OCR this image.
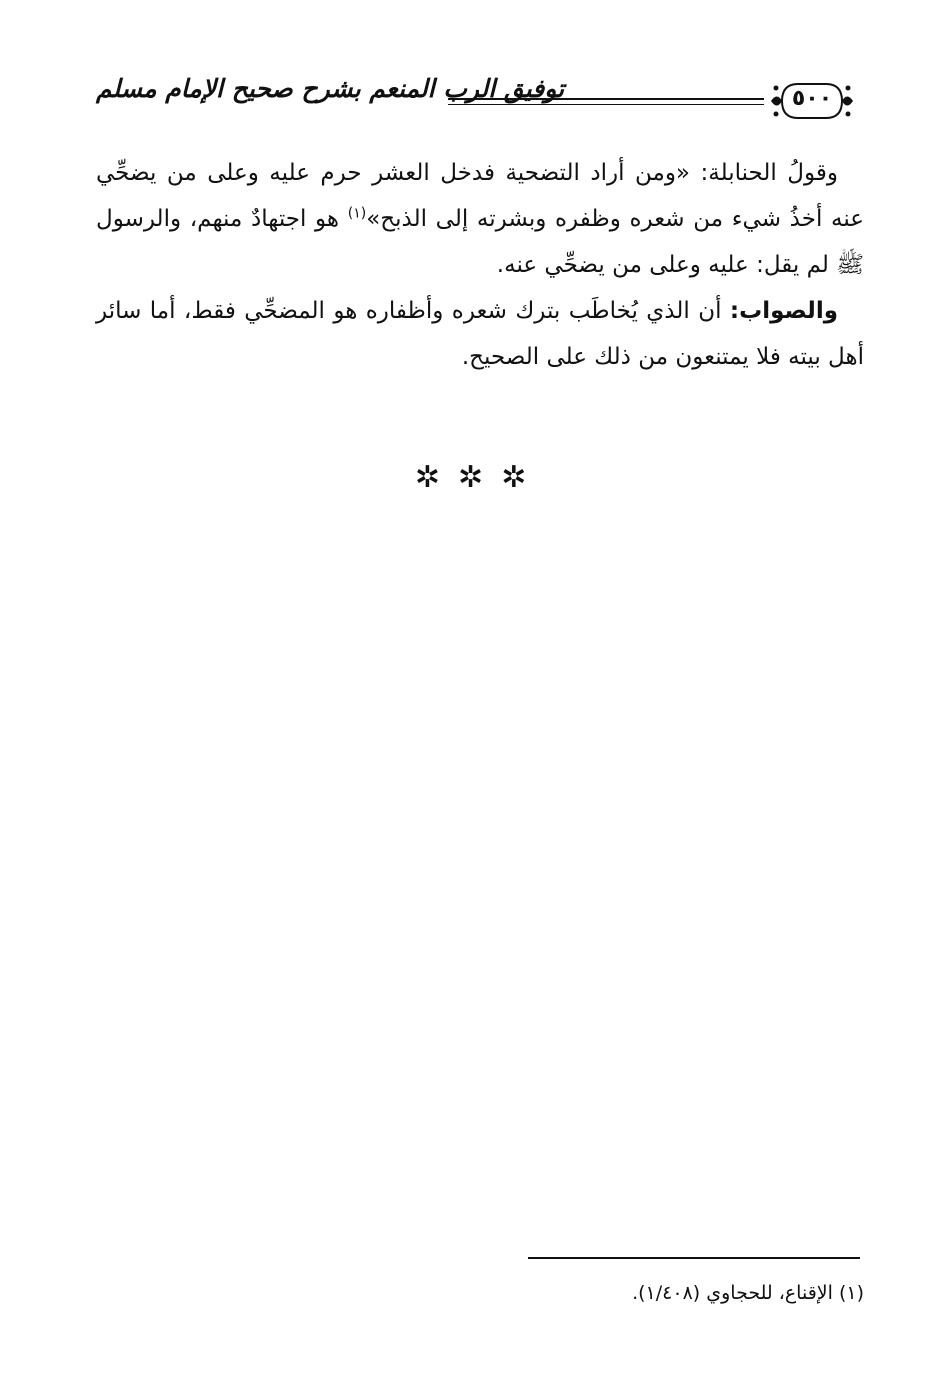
توفيق الرب المنعم بشرح صحيح الإمام مسلم	٥٠٠

وقولُ الحنابلة: «ومن أراد التضحية فدخل العشر حرم عليه وعلى من يضحِّي عنه أخذُ شيء من شعره وظفره وبشرته إلى الذبح»$^{(١)}$ هو اجتهادٌ منهم، والرسول ﷺ لم يقل: عليه وعلى من يضحِّي عنه.

والصواب: أن الذي يُخاطَب بترك شعره وأظفاره هو المضحِّي فقط، أما سائر أهل بيته فلا يمتنعون من ذلك على الصحيح.

✲ ✲ ✲
(١) الإقناع، للحجاوي (١/٤٠٨).
